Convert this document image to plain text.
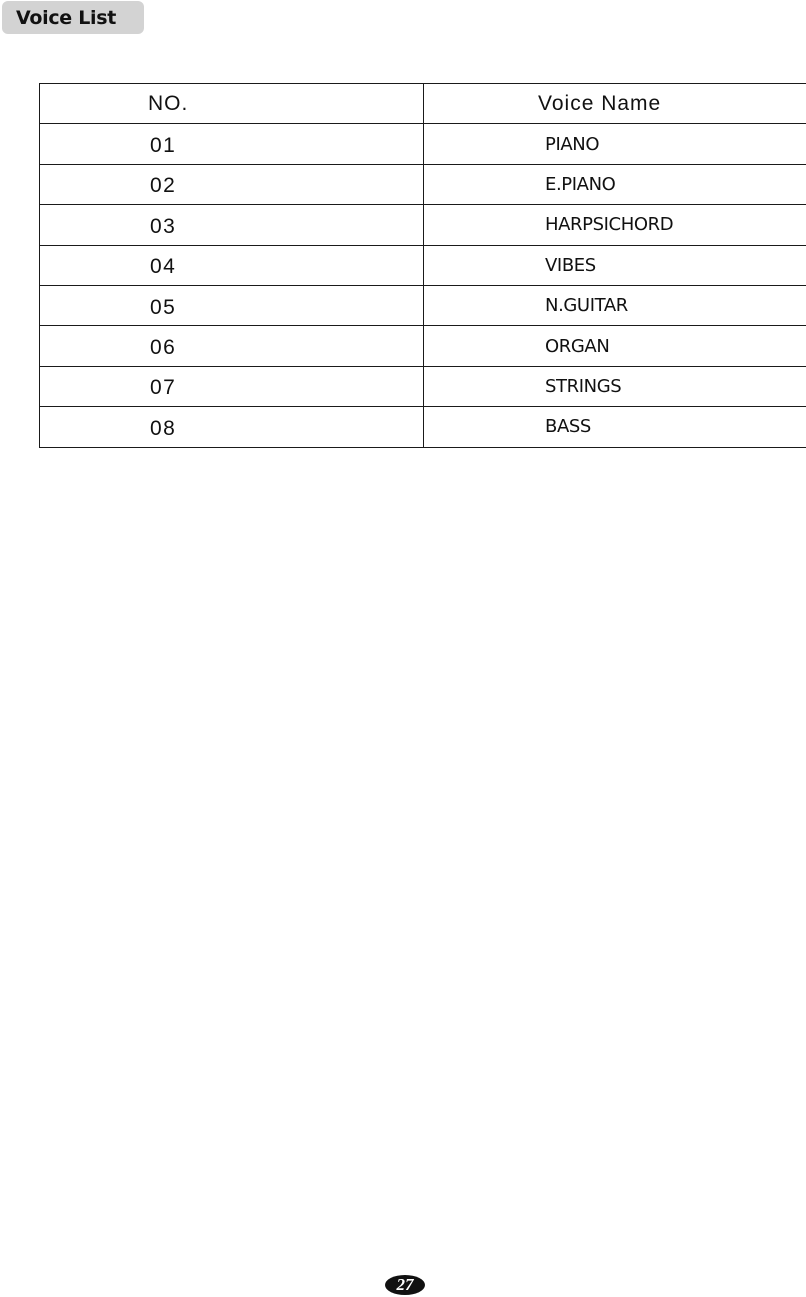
Voice List
NO.	Voice Name
01	PIANO
02	E.PIANO
03	HARPSICHORD
04	VIBES
05	N.GUITAR
06	ORGAN
07	STRINGS
08	BASS
27
